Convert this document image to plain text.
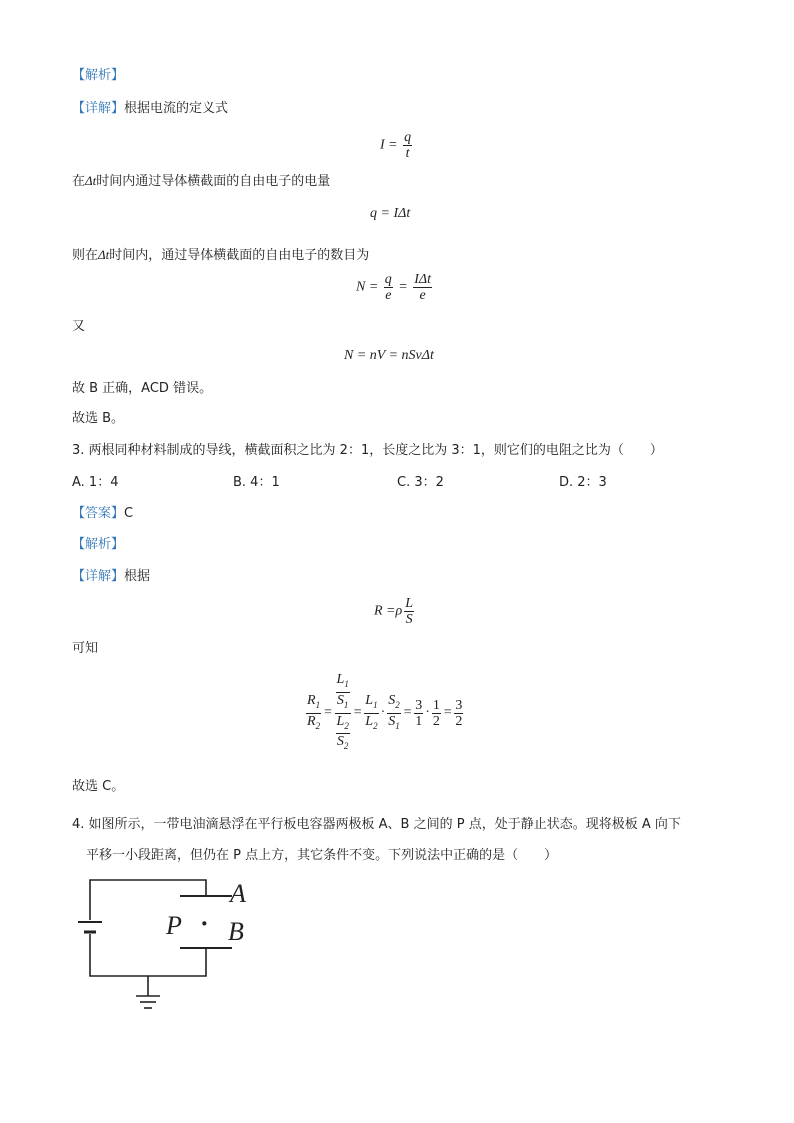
【解析】
【详解】根据电流的定义式
$I = \frac{q}{t}$
在Δt时间内通过导体横截面的自由电子的电量
q = IΔt
则在Δt时间内，通过导体横截面的自由电子的数目为
$N = \frac{q}{e} = \frac{\text{IΔt}}{e}$
又
N = nV = nSvΔt
故 B 正确，ACD 错误。
故选 B。
3. 两根同种材料制成的导线，横截面积之比为 2：1，长度之比为 3：1，则它们的电阻之比为（　　）
A. 1：4	B. 4：1	C. 3：2	D. 2：3
【答案】C
【解析】
【详解】根据
$R =\rho \frac{L}{S}$
可知
$\frac{R_1}{R_2} = \frac{\frac{L_1}{S_1}}{\frac{L_2}{S_2}} = \frac{L_1}{L_2} \cdot \frac{S_2}{S_1} = \frac{3}{1} \cdot \frac{1}{2} = \frac{3}{2}$
故选 C。
4. 如图所示，一带电油滴悬浮在平行板电容器两极板 A、B 之间的 P 点，处于静止状态。现将极板 A 向下
平移一小段距离，但仍在 P 点上方，其它条件不变。下列说法中正确的是（　　）
A
B
P ·
